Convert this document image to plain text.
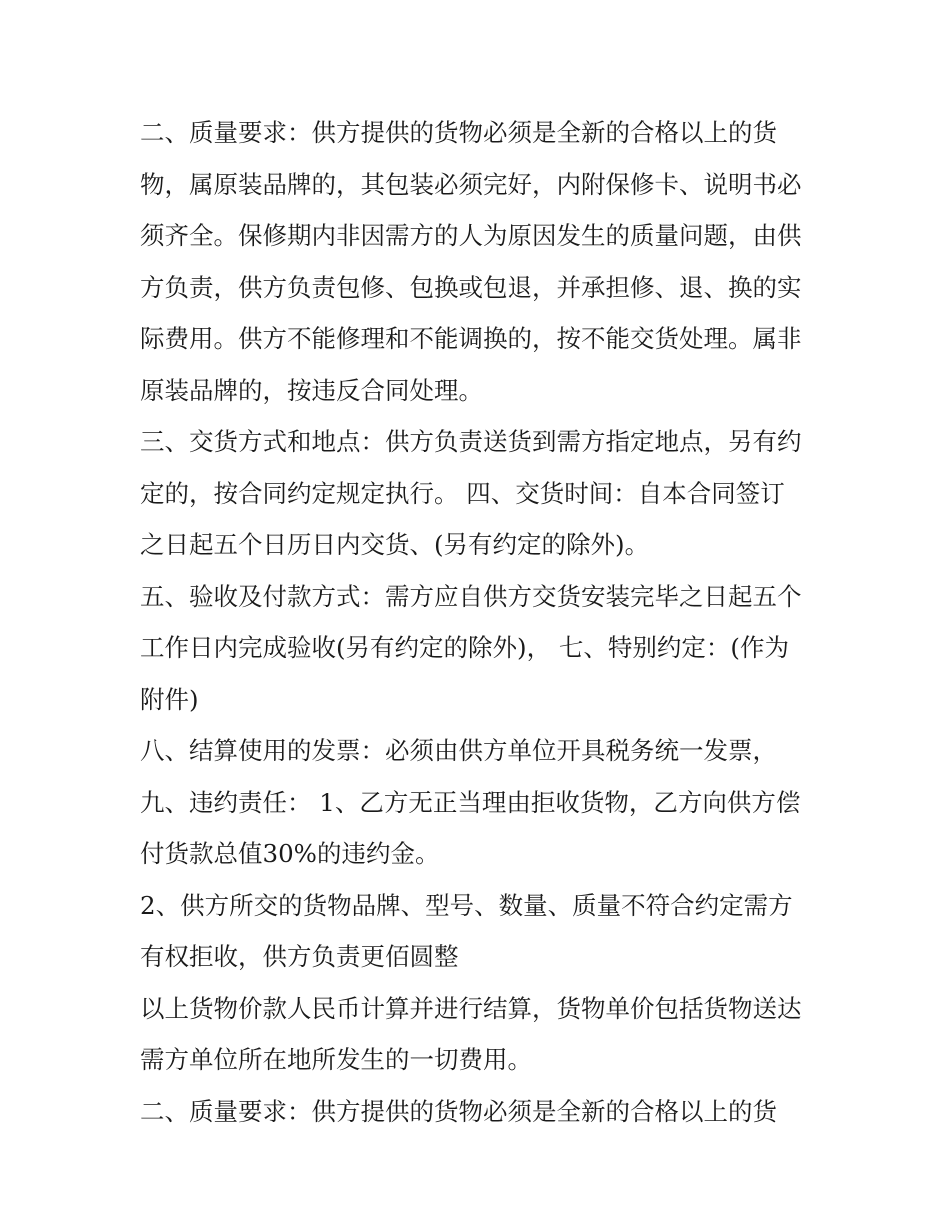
二、质量要求：供方提供的货物必须是全新的合格以上的货
物，属原装品牌的，其包装必须完好，内附保修卡、说明书必
须齐全。保修期内非因需方的人为原因发生的质量问题，由供
方负责，供方负责包修、包换或包退，并承担修、退、换的实
际费用。供方不能修理和不能调换的，按不能交货处理。属非
原装品牌的，按违反合同处理。
三、交货方式和地点：供方负责送货到需方指定地点，另有约
定的，按合同约定规定执行。 四、交货时间：自本合同签订
之日起五个日历日内交货、(另有约定的除外)。
五、验收及付款方式：需方应自供方交货安装完毕之日起五个
工作日内完成验收(另有约定的除外)， 七、特别约定：(作为
附件)
八、结算使用的发票：必须由供方单位开具税务统一发票，
九、违约责任： 1、乙方无正当理由拒收货物，乙方向供方偿
付货款总值30%的违约金。
2、供方所交的货物品牌、型号、数量、质量不符合约定需方
有权拒收，供方负责更佰圆整
以上货物价款人民币计算并进行结算，货物单价包括货物送达
需方单位所在地所发生的一切费用。
二、质量要求：供方提供的货物必须是全新的合格以上的货
